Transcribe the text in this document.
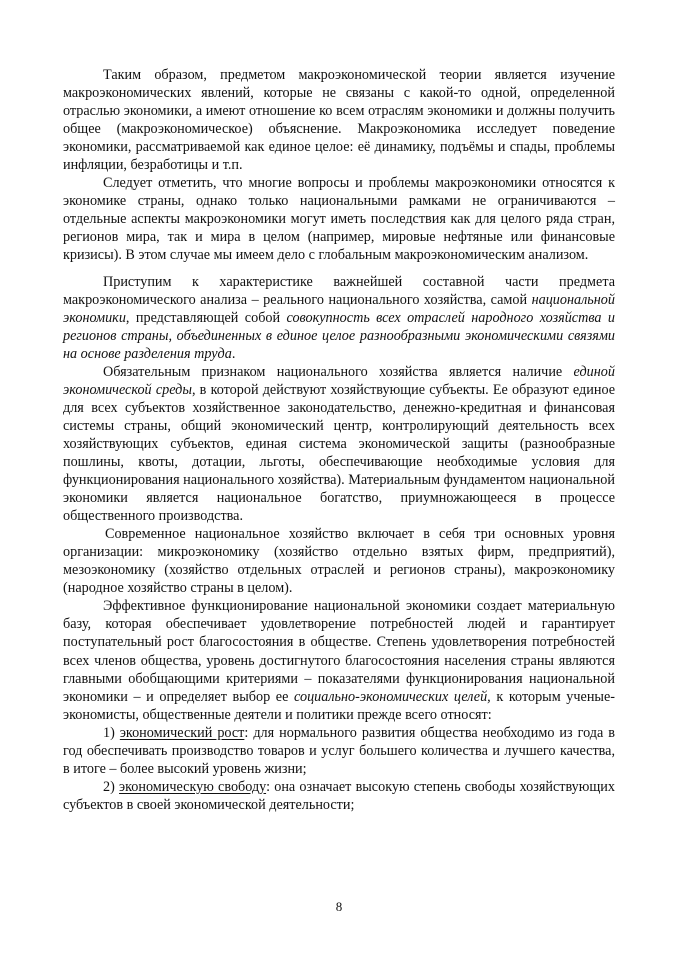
Таким образом, предметом макроэкономической теории является изучение макроэкономических явлений, которые не связаны с какой-то одной, определенной отраслью экономики, а имеют отношение ко всем отраслям экономики и должны получить общее (макроэкономическое) объяснение. Макроэкономика исследует поведение экономики, рассматриваемой как единое целое: её динамику, подъёмы и спады, проблемы инфляции, безработицы и т.п.

Следует отметить, что многие вопросы и проблемы макроэкономики относятся к экономике страны, однако только национальными рамками не ограничиваются – отдельные аспекты макроэкономики могут иметь последствия как для целого ряда стран, регионов мира, так и мира в целом (например, мировые нефтяные или финансовые кризисы). В этом случае мы имеем дело с глобальным макроэкономическим анализом.

Приступим к характеристике важнейшей составной части предмета макроэкономического анализа – реального национального хозяйства, самой национальной экономики, представляющей собой совокупность всех отраслей народного хозяйства и регионов страны, объединенных в единое целое разнообразными экономическими связями на основе разделения труда.

Обязательным признаком национального хозяйства является наличие единой экономической среды, в которой действуют хозяйствующие субъекты. Ее образуют единое для всех субъектов хозяйственное законодательство, денежно-кредитная и финансовая системы страны, общий экономический центр, контролирующий деятельность всех хозяйствующих субъектов, единая система экономической защиты (разнообразные пошлины, квоты, дотации, льготы, обеспечивающие необходимые условия для функционирования национального хозяйства). Материальным фундаментом национальной экономики является национальное богатство, приумножающееся в процессе общественного производства.

Современное национальное хозяйство включает в себя три основных уровня организации: микроэкономику (хозяйство отдельно взятых фирм, предприятий), мезоэкономику (хозяйство отдельных отраслей и регионов страны), макроэкономику (народное хозяйство страны в целом).

Эффективное функционирование национальной экономики создает материальную базу, которая обеспечивает удовлетворение потребностей людей и гарантирует поступательный рост благосостояния в обществе. Степень удовлетворения потребностей всех членов общества, уровень достигнутого благосостояния населения страны являются главными обобщающими критериями – показателями функционирования национальной экономики – и определяет выбор ее социально-экономических целей, к которым ученые-экономисты, общественные деятели и политики прежде всего относят:

1) экономический рост: для нормального развития общества необходимо из года в год обеспечивать производство товаров и услуг большего количества и лучшего качества, в итоге – более высокий уровень жизни;

2) экономическую свободу: она означает высокую степень свободы хозяйствующих субъектов в своей экономической деятельности;

8
